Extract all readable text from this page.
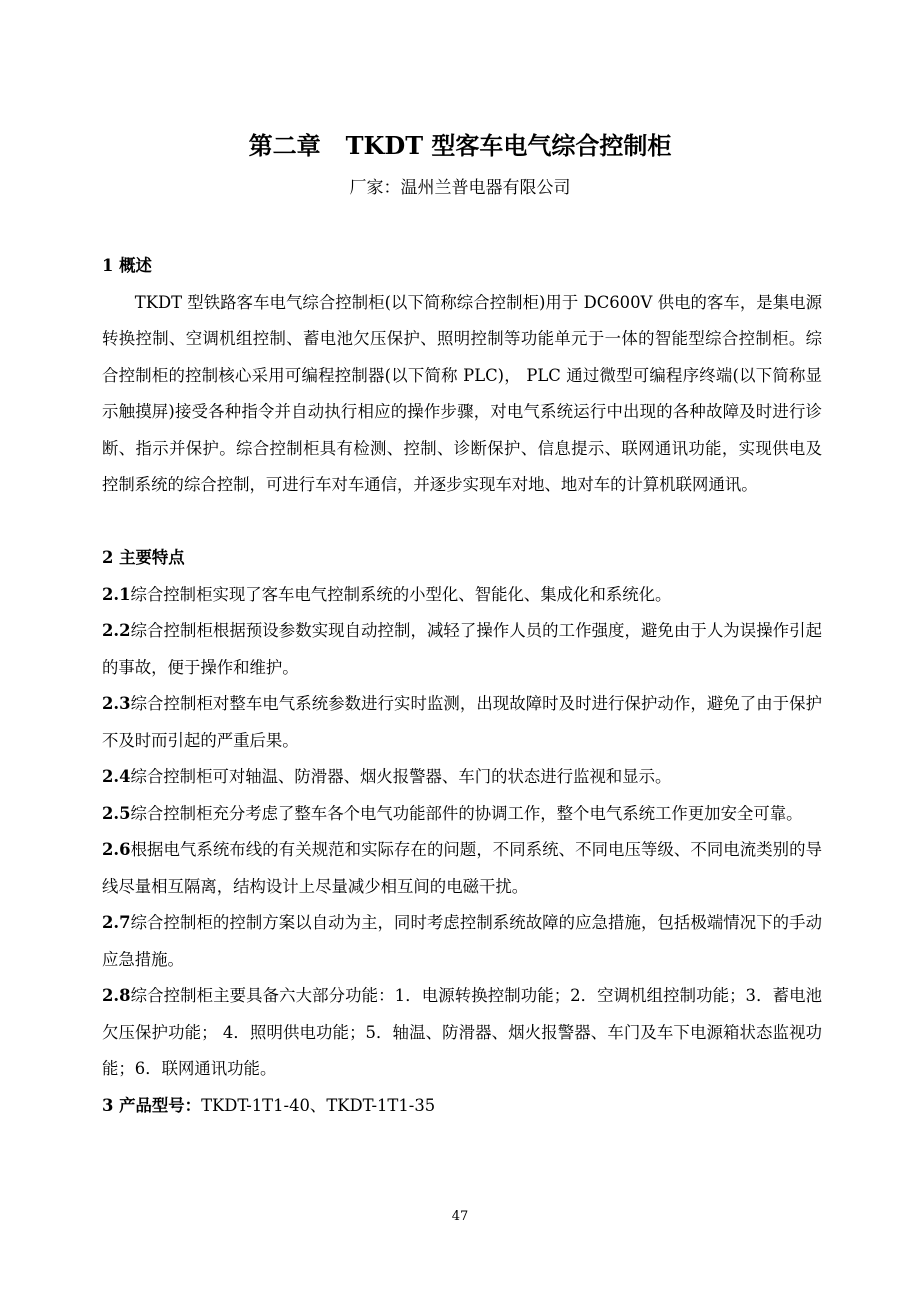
第二章   TKDT 型客车电气综合控制柜
厂家：温州兰普电器有限公司

1 概述

TKDT 型铁路客车电气综合控制柜(以下简称综合控制柜)用于 DC600V 供电的客车，是集电源转换控制、空调机组控制、蓄电池欠压保护、照明控制等功能单元于一体的智能型综合控制柜。综合控制柜的控制核心采用可编程控制器(以下简称 PLC)， PLC 通过微型可编程序终端(以下简称显示触摸屏)接受各种指令并自动执行相应的操作步骤，对电气系统运行中出现的各种故障及时进行诊断、指示并保护。综合控制柜具有检测、控制、诊断保护、信息提示、联网通讯功能，实现供电及控制系统的综合控制，可进行车对车通信，并逐步实现车对地、地对车的计算机联网通讯。

2 主要特点

2.1综合控制柜实现了客车电气控制系统的小型化、智能化、集成化和系统化。

2.2综合控制柜根据预设参数实现自动控制，减轻了操作人员的工作强度，避免由于人为误操作引起的事故，便于操作和维护。

2.3综合控制柜对整车电气系统参数进行实时监测，出现故障时及时进行保护动作，避免了由于保护不及时而引起的严重后果。

2.4综合控制柜可对轴温、防滑器、烟火报警器、车门的状态进行监视和显示。

2.5综合控制柜充分考虑了整车各个电气功能部件的协调工作，整个电气系统工作更加安全可靠。

2.6根据电气系统布线的有关规范和实际存在的问题，不同系统、不同电压等级、不同电流类别的导线尽量相互隔离，结构设计上尽量减少相互间的电磁干扰。

2.7综合控制柜的控制方案以自动为主，同时考虑控制系统故障的应急措施，包括极端情况下的手动应急措施。

2.8综合控制柜主要具备六大部分功能：1．电源转换控制功能；2．空调机组控制功能；3．蓄电池欠压保护功能； 4．照明供电功能；5．轴温、防滑器、烟火报警器、车门及车下电源箱状态监视功能；6．联网通讯功能。

3 产品型号：TKDT-1T1-40、TKDT-1T1-35

47
